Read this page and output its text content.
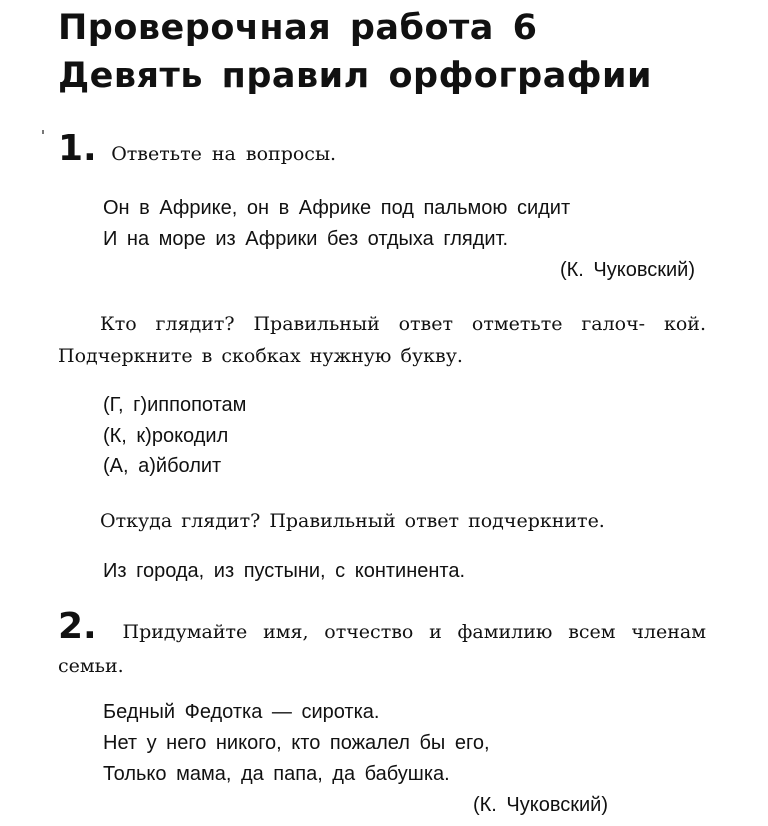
Проверочная работа 6
Девять правил орфографии
1. Ответьте на вопросы.
Он в Африке, он в Африке под пальмою сидит
И на море из Африки без отдыха глядит.
(К. Чуковский)
Кто глядит? Правильный ответ отметьте галоч- кой. Подчеркните в скобках нужную букву.
(Г, г)иппопотам
(К, к)рокодил
(А, а)йболит
Откуда глядит? Правильный ответ подчеркните.
Из города, из пустыни, с континента.
2. Придумайте имя, отчество и фамилию всем членам семьи.
Бедный Федотка — сиротка.
Нет у него никого, кто пожалел бы его,
Только мама, да папа, да бабушка.
(К. Чуковский)
